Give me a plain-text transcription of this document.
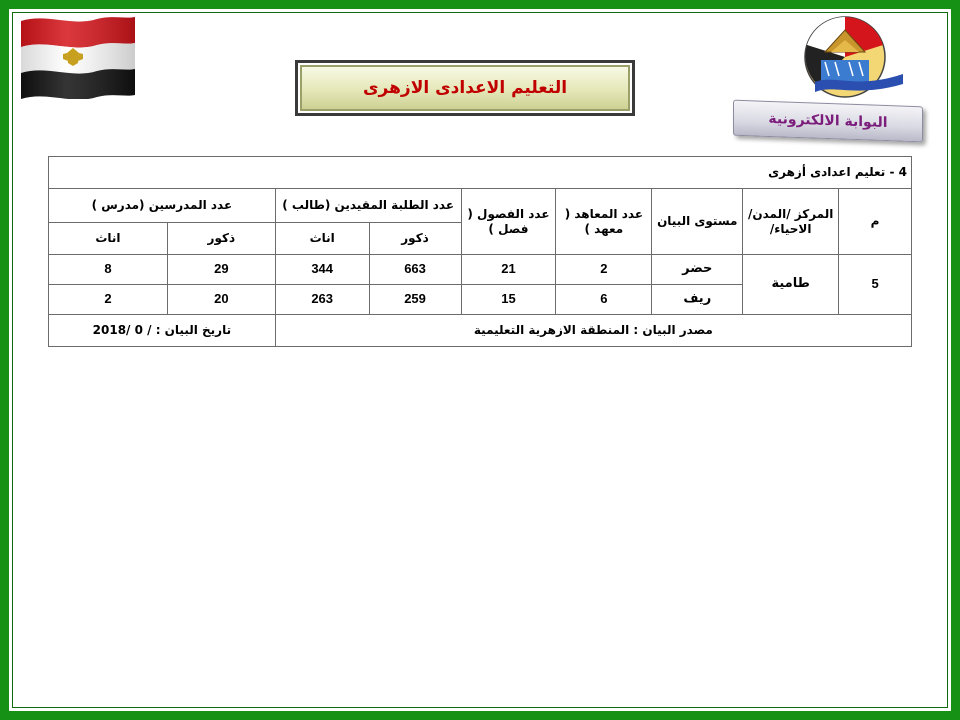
التعليم الاعدادى الازهرى
البوابة الالكترونية
4 - تعليم اعدادى أزهرى								
م	المركز /المدن/الاحياء/	مستوى البيان	عدد المعاهد ( معهد )	عدد الفصول ( فصل )	عدد الطلبة المقيدين (طالب )		عدد المدرسين (مدرس )	
					ذكور	اناث	ذكور	اناث
5	طامية	حضر	2	21	663	344	29	8
		ريف	6	15	259	263	20	2
مصدر البيان : المنطقة الازهرية التعليمية							تاريخ البيان : / 0 /2018	
